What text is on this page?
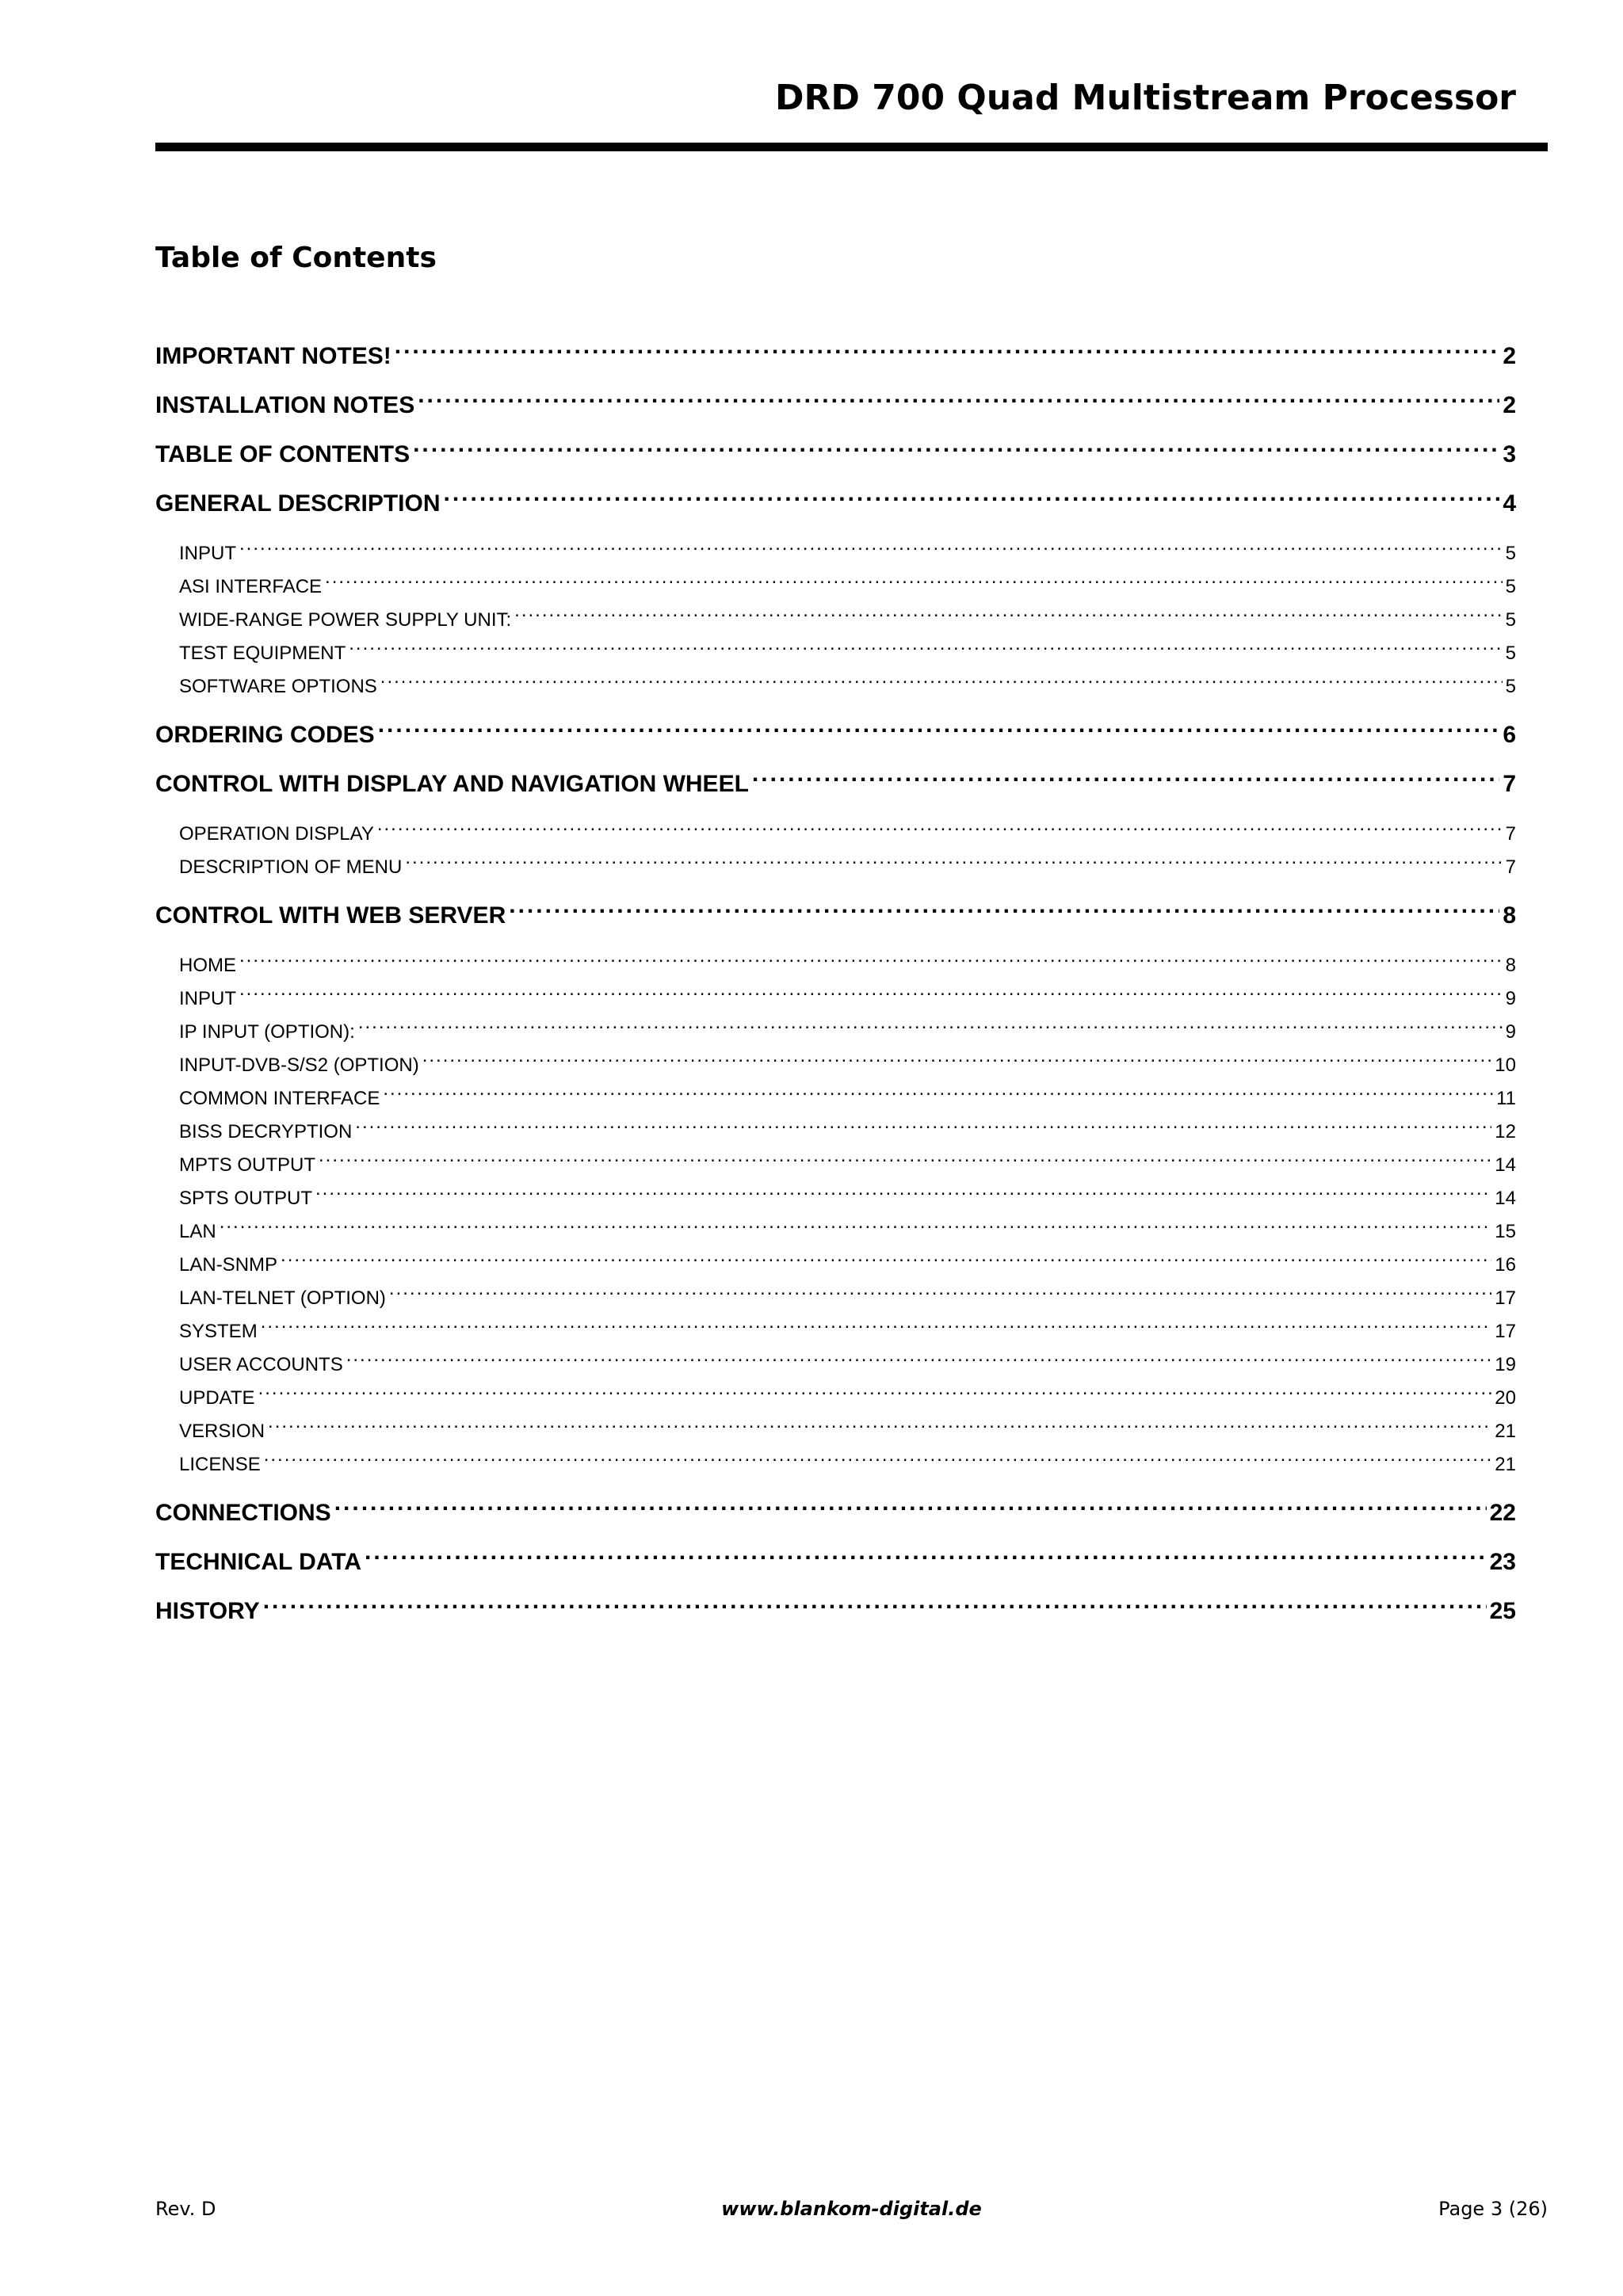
DRD 700 Quad Multistream Processor
Table of Contents
IMPORTANT NOTES! .....	2
INSTALLATION NOTES .....	2
TABLE OF CONTENTS .....	3
GENERAL DESCRIPTION .....	4
INPUT .....	5
ASI INTERFACE .....	5
WIDE-RANGE POWER SUPPLY UNIT: .....	5
TEST EQUIPMENT .....	5
SOFTWARE OPTIONS .....	5
ORDERING CODES .....	6
CONTROL WITH DISPLAY AND NAVIGATION WHEEL .....	7
OPERATION DISPLAY .....	7
DESCRIPTION OF MENU .....	7
CONTROL WITH WEB SERVER .....	8
HOME .....	8
INPUT .....	9
IP INPUT (OPTION): .....	9
INPUT-DVB-S/S2 (OPTION) .....	10
COMMON INTERFACE .....	11
BISS DECRYPTION .....	12
MPTS OUTPUT .....	14
SPTS OUTPUT .....	14
LAN .....	15
LAN-SNMP .....	16
LAN-TELNET (OPTION) .....	17
SYSTEM .....	17
USER ACCOUNTS .....	19
UPDATE .....	20
VERSION .....	21
LICENSE .....	21
CONNECTIONS .....	22
TECHNICAL DATA .....	23
HISTORY .....	25
Rev. D	www.blankom-digital.de	Page 3 (26)
